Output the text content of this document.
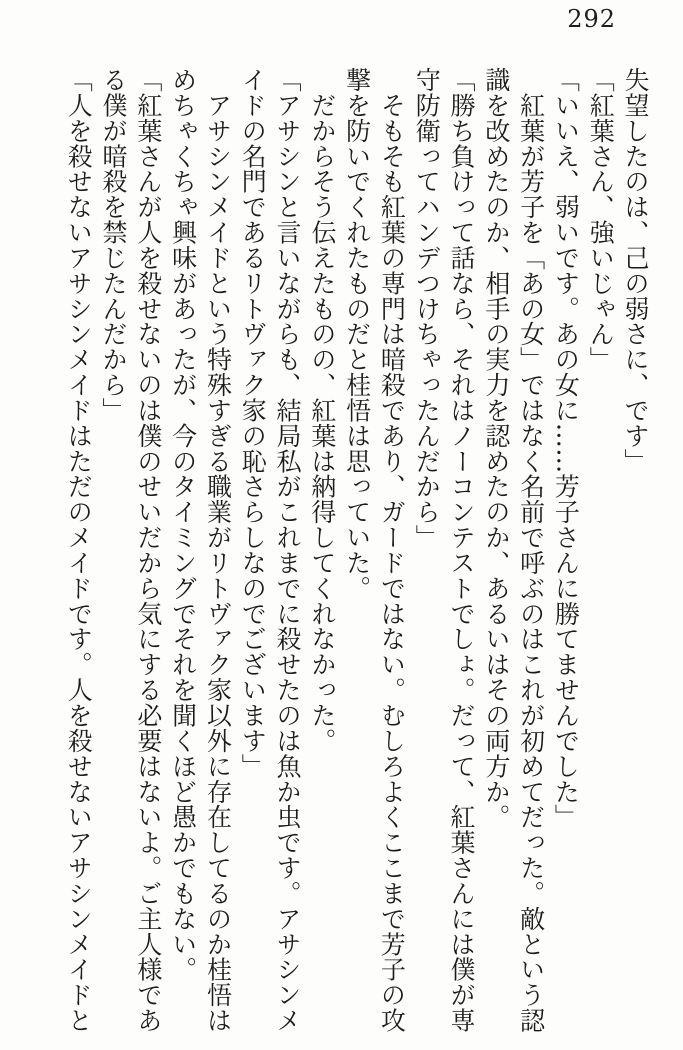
292

失望したのは、己の弱さに、です」

「紅葉さん、強いじゃん」

「いいえ、弱いです。あの女に……芳子さんに勝てませんでした」

　紅葉が芳子を「あの女」ではなく名前で呼ぶのはこれが初めてだった。敵という認識を改めたのか、相手の実力を認めたのか、あるいはその両方か。

「勝ち負けって話なら、それはノーコンテストでしょ。だって、紅葉さんには僕が専守防衛ってハンデつけちゃったんだから」

　そもそも紅葉の専門は暗殺であり、ガードではない。むしろよくここまで芳子の攻撃を防いでくれたものだと桂悟は思っていた。

　だからそう伝えたものの、紅葉は納得してくれなかった。

「アサシンと言いながらも、結局私がこれまでに殺せたのは魚か虫です。アサシンメイドの名門であるリトヴァク家の恥さらしなのでございます」

　アサシンメイドという特殊すぎる職業がリトヴァク家以外に存在してるのか桂悟はめちゃくちゃ興味があったが、今のタイミングでそれを聞くほど愚かでもない。

「紅葉さんが人を殺せないのは僕のせいだから気にする必要はないよ。ご主人様である僕が暗殺を禁じたんだから」

「人を殺せないアサシンメイドはただのメイドです。人を殺せないアサシンメイドと
